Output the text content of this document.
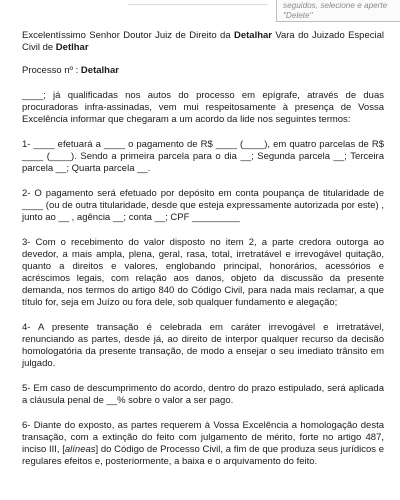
seguidos, selecione e aperte
"Delete"

Excelentíssimo Senhor Doutor Juiz de Direito da Detalhar Vara do Juizado Especial Civil de Detlhar

Processo nº : Detalhar

____; já qualificadas nos autos do processo em epígrafe, através de duas procuradoras infra-assinadas, vem mui respeitosamente à presença de Vossa Excelência informar que chegaram a um acordo da lide nos seguintes termos:

1- ____ efetuará a ____ o pagamento de R$ ____ (____), em quatro parcelas de R$ ____ (____). Sendo a primeira parcela para o dia __; Segunda parcela __; Terceira parcela __; Quarta parcela __.

2- O pagamento será efetuado por depósito em conta poupança de titularidade de ____ (ou de outra titularidade, desde que esteja expressamente autorizada por este) , junto ao __ , agência __; conta __; CPF _________

3- Com o recebimento do valor disposto no item 2, a parte credora outorga ao devedor, a mais ampla, plena, geral, rasa, total, irretratável e irrevogável quitação, quanto a direitos e valores, englobando principal, honorários, acessórios e acréscimos legais, com relação aos danos, objeto da discussão da presente demanda, nos termos do artigo 840 do Código Civil, para nada mais reclamar, a que título for, seja em Juízo ou fora dele, sob qualquer fundamento e alegação;

4- A presente transação é celebrada em caráter irrevogável e irretratável, renunciando as partes, desde já, ao direito de interpor qualquer recurso da decisão homologatória da presente transação, de modo a ensejar o seu imediato trânsito em julgado.

5- Em caso de descumprimento do acordo, dentro do prazo estipulado, será aplicada a cláusula penal de __% sobre o valor a ser pago.

6- Diante do exposto, as partes requerem à Vossa Excelência a homologação desta transação, com a extinção do feito com julgamento de mérito, forte no artigo 487, inciso III, [alíneas] do Código de Processo Civil, a fim de que produza seus jurídicos e regulares efeitos e, posteriormente, a baixa e o arquivamento do feito.
